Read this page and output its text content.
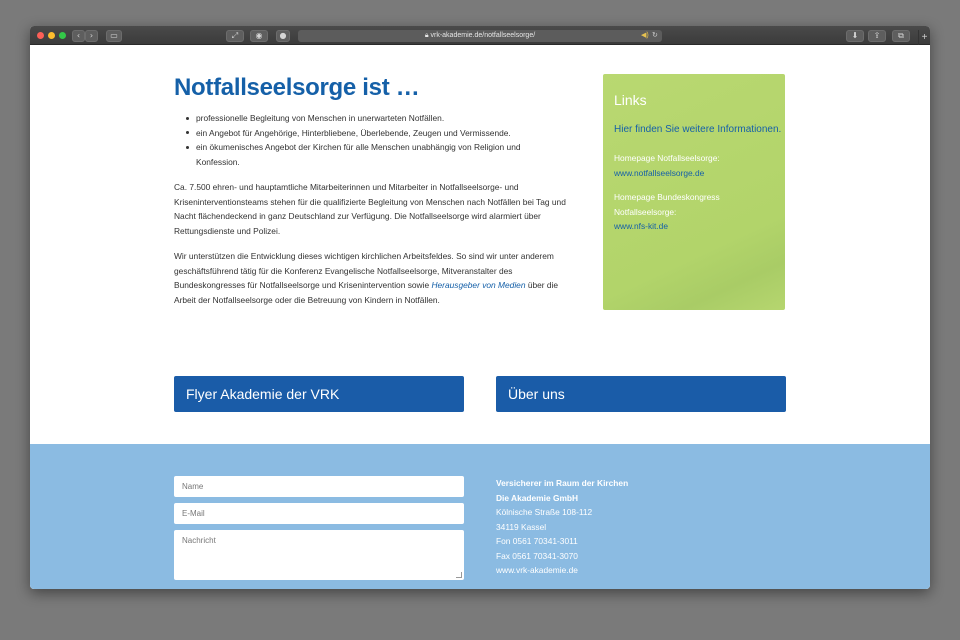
‹	›	▭	⤢	◉	●	🔒︎ vrk-akademie.de/notfallseelsorge/	◀) ↻	⬇	⇪	⧉	+
Notfallseelsorge ist …
professionelle Begleitung von Menschen in unerwarteten Notfällen.
ein Angebot für Angehörige, Hinterbliebene, Überlebende, Zeugen und Vermissende.
ein ökumenisches Angebot der Kirchen für alle Menschen unabhängig von Religion und Konfession.

Ca. 7.500 ehren- und hauptamtliche Mitarbeiterinnen und Mitarbeiter in Notfallseelsorge- und Kriseninterventionsteams stehen für die qualifizierte Begleitung von Menschen nach Notfällen bei Tag und Nacht flächendeckend in ganz Deutschland zur Verfügung. Die Notfallseelsorge wird alarmiert über Rettungsdienste und Polizei.

Wir unterstützen die Entwicklung dieses wichtigen kirchlichen Arbeitsfeldes. So sind wir unter anderem geschäftsführend tätig für die Konferenz Evangelische Notfallseelsorge, Mitveranstalter des Bundeskongresses für Notfallseelsorge und Krisenintervention sowie Herausgeber von Medien über die Arbeit der Notfallseelsorge oder die Betreuung von Kindern in Notfällen.

Links
Hier finden Sie weitere Informationen.
Homepage Notfallseelsorge:
www.notfallseelsorge.de
Homepage Bundeskongress Notfallseelsorge:
www.nfs-kit.de
Flyer Akademie der VRK	Über uns
Name
E-Mail
Nachricht
Versicherer im Raum der Kirchen
Die Akademie GmbH
Kölnische Straße 108-112
34119 Kassel
Fon 0561 70341-3011
Fax 0561 70341-3070
www.vrk-akademie.de
